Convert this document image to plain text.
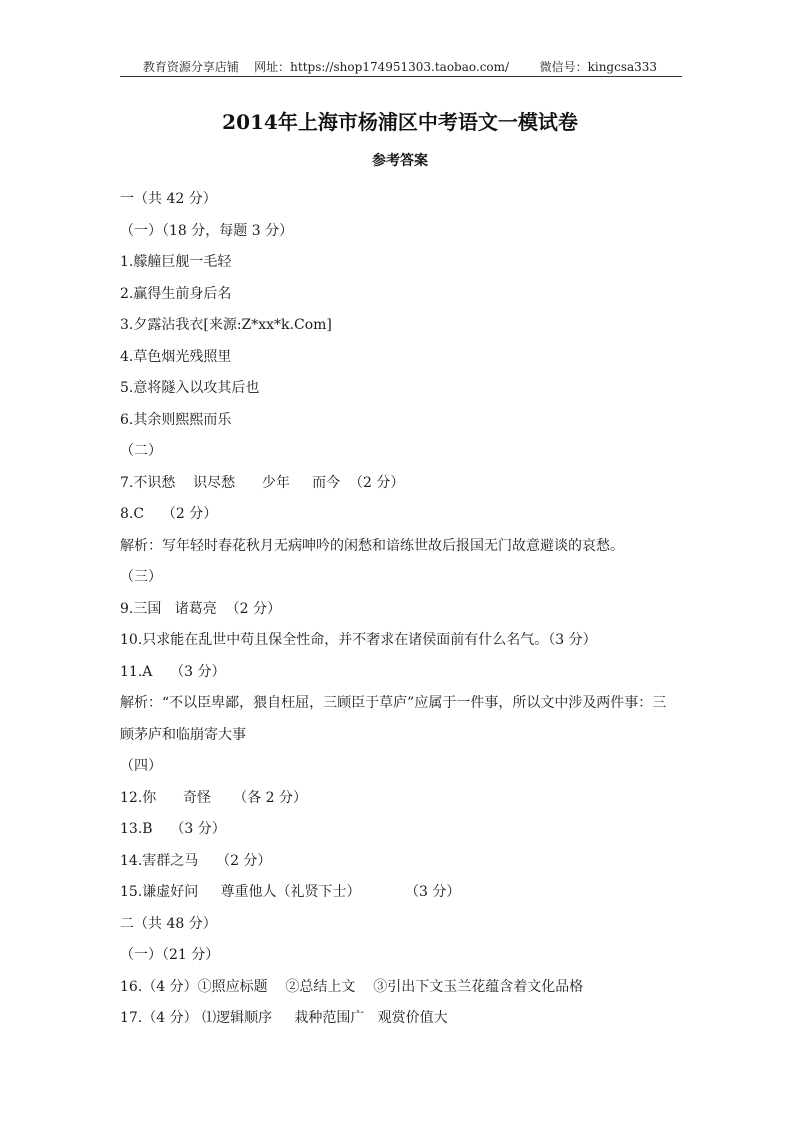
教育资源分享店铺    网址：https://shop174951303.taobao.com/        微信号：kingcsa333
2014年上海市杨浦区中考语文一模试卷
参考答案
一（共 42 分）
（一）（18 分，每题 3 分）
1.艨艟巨舰一毛轻
2.赢得生前身后名
3.夕露沾我衣[来源:Z*xx*k.Com]
4.草色烟光残照里
5.意将隧入以攻其后也
6.其余则熙熙而乐
（二）
7.不识愁    识尽愁      少年     而今  （2 分）
8.C    （2 分）
解析：写年轻时春花秋月无病呻吟的闲愁和谙练世故后报国无门故意避谈的哀愁。
（三）
9.三国   诸葛亮  （2 分）
10.只求能在乱世中苟且保全性命，并不奢求在诸侯面前有什么名气。（3 分）
11.A    （3 分）
解析：“不以臣卑鄙，猥自枉屈，三顾臣于草庐”应属于一件事，所以文中涉及两件事：三
顾茅庐和临崩寄大事
（四）
12.你      奇怪     （各 2 分）
13.B    （3 分）
14.害群之马    （2 分）
15.谦虚好问     尊重他人（礼贤下士）          （3 分）
二（共 48 分）
（一）（21 分）
16.（4 分）①照应标题    ②总结上文    ③引出下文玉兰花蕴含着文化品格
17.（4 分） ⑴逻辑顺序     栽种范围广   观赏价值大
